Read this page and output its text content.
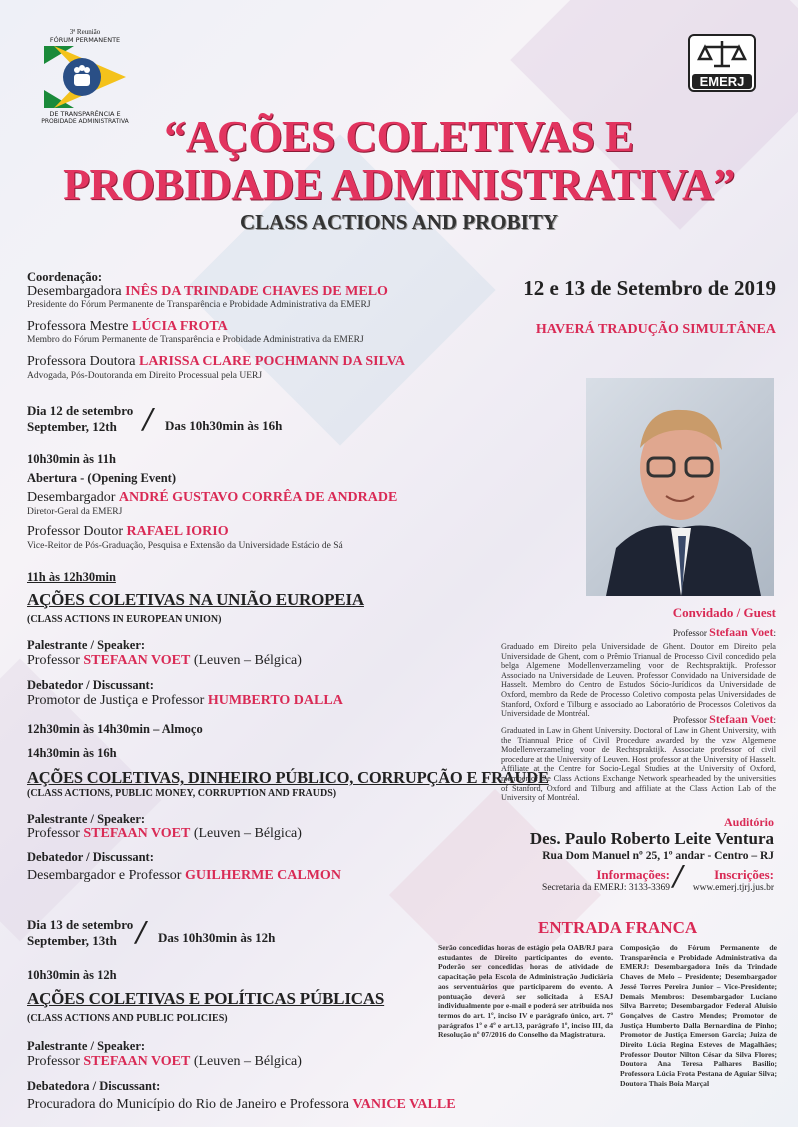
3ª Reunião
FÓRUM PERMANENTE
DE TRANSPARÊNCIA E
PROBIDADE ADMINISTRATIVA
EMERJ
“AÇÕES COLETIVAS E
PROBIDADE ADMINISTRATIVA”
CLASS ACTIONS AND PROBITY
Coordenação:
Desembargadora INÊS DA TRINDADE CHAVES DE MELO
Presidente do Fórum Permanente de Transparência e Probidade Administrativa da EMERJ
Professora Mestre LÚCIA FROTA
Membro do Fórum Permanente de Transparência e Probidade Administrativa da EMERJ
Professora Doutora LARISSA CLARE POCHMANN DA SILVA
Advogada, Pós-Doutoranda em Direito Processual pela UERJ
Dia 12 de setembro
September, 12th / Das 10h30min às 16h
10h30min às 11h
Abertura - (Opening Event)
Desembargador ANDRÉ GUSTAVO CORRÊA DE ANDRADE
Diretor-Geral da EMERJ
Professor Doutor RAFAEL IORIO
Vice-Reitor de Pós-Graduação, Pesquisa e Extensão da Universidade Estácio de Sá
11h às 12h30min
AÇÕES COLETIVAS NA UNIÃO EUROPEIA
(CLASS ACTIONS IN EUROPEAN UNION)
Palestrante / Speaker:
Professor STEFAAN VOET (Leuven – Bélgica)
Debatedor / Discussant:
Promotor de Justiça e Professor HUMBERTO DALLA
12h30min às 14h30min – Almoço
14h30min às 16h
AÇÕES COLETIVAS, DINHEIRO PÚBLICO, CORRUPÇÃO E FRAUDE
(CLASS ACTIONS, PUBLIC MONEY, CORRUPTION AND FRAUDS)
Palestrante / Speaker:
Professor STEFAAN VOET (Leuven – Bélgica)
Debatedor / Discussant:
Desembargador e Professor GUILHERME CALMON
Dia 13 de setembro
September, 13th / Das 10h30min às 12h
10h30min às 12h
AÇÕES COLETIVAS E POLÍTICAS PÚBLICAS
(CLASS ACTIONS AND PUBLIC POLICIES)
Palestrante / Speaker:
Professor STEFAAN VOET (Leuven – Bélgica)
Debatedora / Discussant:
Procuradora do Município do Rio de Janeiro e Professora VANICE VALLE
12 e 13 de Setembro de 2019
HAVERÁ TRADUÇÃO SIMULTÂNEA
Convidado / Guest
Professor Stefaan Voet:
Graduado em Direito pela Universidade de Ghent. Doutor em Direito pela Universidade de Ghent, com o Prêmio Trianual de Processo Civil concedido pela belga Algemene Modellenverzameling voor de Rechtspraktijk. Professor Associado na Universidade de Leuven. Professor Convidado na Universidade de Hasselt. Membro do Centro de Estudos Sócio-Jurídicos da Universidade de Oxford, membro da Rede de Processo Coletivo composta pelas Universidades de Stanford, Oxford e Tilburg e associado ao Laboratório de Processos Coletivos da Universidade de Montréal.
Professor Stefaan Voet:
Graduated in Law in Ghent University. Doctoral of Law in Ghent University, with the Triannual Price of Civil Procedure awarded by the vzw Algemene Modellenverzameling voor de Rechtspraktijk. Associate professor of civil procedure at the University of Leuven. Host professor at the University of Hasselt. Affiliate at the Centre for Socio-Legal Studies at the University of Oxford, member of the Class Actions Exchange Network spearheaded by the universities of Stanford, Oxford and Tilburg and affiliate at the Class Action Lab of the University of Montréal.
Auditório
Des. Paulo Roberto Leite Ventura
Rua Dom Manuel nº 25, 1º andar - Centro – RJ
Informações:
Secretaria da EMERJ: 3133-3369 /	Inscrições:
www.emerj.tjrj.jus.br
ENTRADA FRANCA
Serão concedidas horas de estágio pela OAB/RJ para estudantes de Direito participantes do evento. Poderão ser concedidas horas de atividade de capacitação pela Escola de Administração Judiciária aos serventuários que participarem do evento. A pontuação deverá ser solicitada à ESAJ individualmente por e-mail e poderá ser atribuída nos termos do art. 1º, inciso IV e parágrafo único, art. 7º parágrafos 1º e 4º e art.13, parágrafo 1º, inciso III, da Resolução nº 07/2016 do Conselho da Magistratura.
Composição do Fórum Permanente de Transparência e Probidade Administrativa da EMERJ: Desembargadora Inês da Trindade Chaves de Melo – Presidente; Desembargador Jessé Torres Pereira Junior – Vice-Presidente; Demais Membros: Desembargador Luciano Silva Barreto; Desembargador Federal Aluisio Gonçalves de Castro Mendes; Promotor de Justiça Humberto Dalla Bernardina de Pinho; Promotor de Justiça Emerson Garcia; Juiza de Direito Lúcia Regina Esteves de Magalhães; Professor Doutor Nilton César da Silva Flores; Doutora Ana Teresa Palhares Basilio; Professora Lúcia Frota Pestana de Aguiar Silva; Doutora Thais Boia Marçal
